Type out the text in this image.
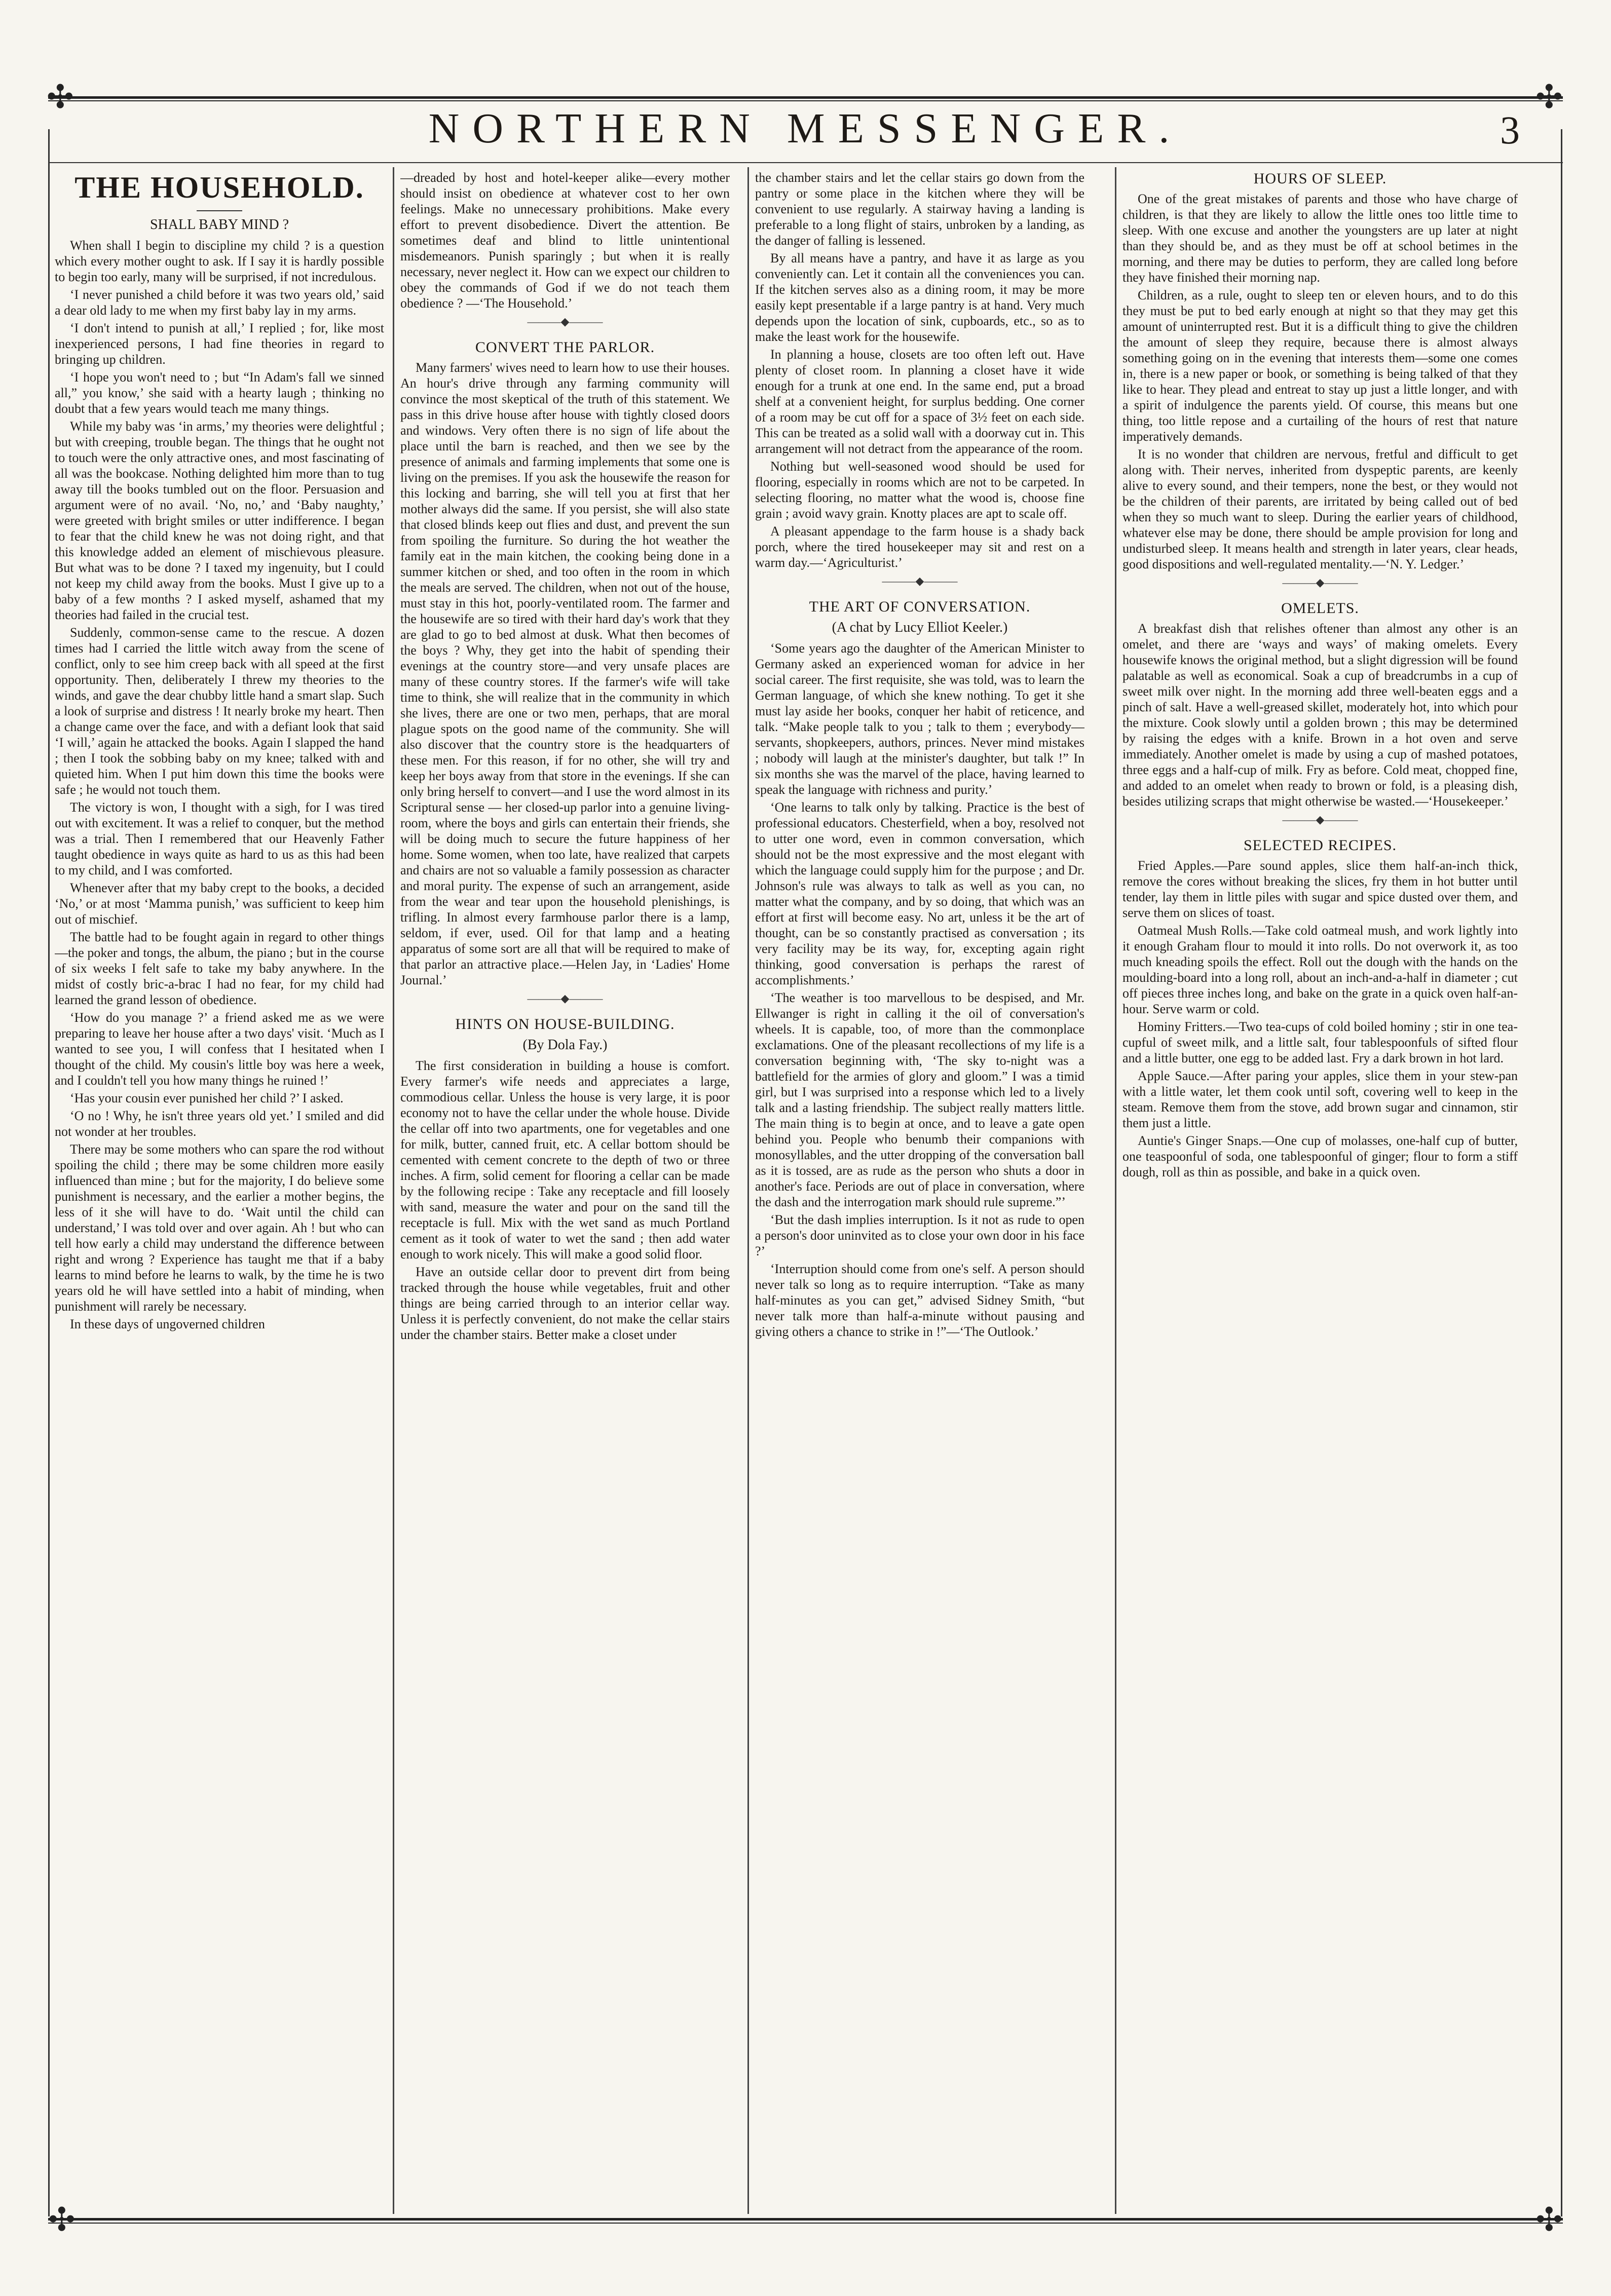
✣	✣
✣	✣
NORTHERN MESSENGER.	3
THE HOUSEHOLD.
SHALL BABY MIND ?

When shall I begin to discipline my child ? is a question which every mother ought to ask. If I say it is hardly possible to begin too early, many will be surprised, if not incredulous.

‘I never punished a child before it was two years old,’ said a dear old lady to me when my first baby lay in my arms.

‘I don't intend to punish at all,’ I replied ; for, like most inexperienced persons, I had fine theories in regard to bringing up children.

‘I hope you won't need to ; but “In Adam's fall we sinned all,” you know,’ she said with a hearty laugh ; thinking no doubt that a few years would teach me many things.

While my baby was ‘in arms,’ my theories were delightful ; but with creeping, trouble began. The things that he ought not to touch were the only attractive ones, and most fascinating of all was the bookcase. Nothing delighted him more than to tug away till the books tumbled out on the floor. Persuasion and argument were of no avail. ‘No, no,’ and ‘Baby naughty,’ were greeted with bright smiles or utter indifference. I began to fear that the child knew he was not doing right, and that this knowledge added an element of mischievous pleasure. But what was to be done ? I taxed my ingenuity, but I could not keep my child away from the books. Must I give up to a baby of a few months ? I asked myself, ashamed that my theories had failed in the crucial test.

Suddenly, common-sense came to the rescue. A dozen times had I carried the little witch away from the scene of conflict, only to see him creep back with all speed at the first opportunity. Then, deliberately I threw my theories to the winds, and gave the dear chubby little hand a smart slap. Such a look of surprise and distress ! It nearly broke my heart. Then a change came over the face, and with a defiant look that said ‘I will,’ again he attacked the books. Again I slapped the hand ; then I took the sobbing baby on my knee; talked with and quieted him. When I put him down this time the books were safe ; he would not touch them.

The victory is won, I thought with a sigh, for I was tired out with excitement. It was a relief to conquer, but the method was a trial. Then I remembered that our Heavenly Father taught obedience in ways quite as hard to us as this had been to my child, and I was comforted.

Whenever after that my baby crept to the books, a decided ‘No,’ or at most ‘Mamma punish,’ was sufficient to keep him out of mischief.

The battle had to be fought again in regard to other things—the poker and tongs, the album, the piano ; but in the course of six weeks I felt safe to take my baby anywhere. In the midst of costly bric-a-brac I had no fear, for my child had learned the grand lesson of obedience.

‘How do you manage ?’ a friend asked me as we were preparing to leave her house after a two days' visit. ‘Much as I wanted to see you, I will confess that I hesitated when I thought of the child. My cousin's little boy was here a week, and I couldn't tell you how many things he ruined !’

‘Has your cousin ever punished her child ?’ I asked.

‘O no ! Why, he isn't three years old yet.’ I smiled and did not wonder at her troubles.

There may be some mothers who can spare the rod without spoiling the child ; there may be some children more easily influenced than mine ; but for the majority, I do believe some punishment is necessary, and the earlier a mother begins, the less of it she will have to do. ‘Wait until the child can understand,’ I was told over and over again. Ah ! but who can tell how early a child may understand the difference between right and wrong ? Experience has taught me that if a baby learns to mind before he learns to walk, by the time he is two years old he will have settled into a habit of minding, when punishment will rarely be necessary.

In these days of ungoverned children

—dreaded by host and hotel-keeper alike—every mother should insist on obedience at whatever cost to her own feelings. Make no unnecessary prohibitions. Make every effort to prevent disobedience. Divert the attention. Be sometimes deaf and blind to little unintentional misdemeanors. Punish sparingly ; but when it is really necessary, never neglect it. How can we expect our children to obey the commands of God if we do not teach them obedience ? —‘The Household.’

———◆———
CONVERT THE PARLOR.

Many farmers' wives need to learn how to use their houses. An hour's drive through any farming community will convince the most skeptical of the truth of this statement. We pass in this drive house after house with tightly closed doors and windows. Very often there is no sign of life about the place until the barn is reached, and then we see by the presence of animals and farming implements that some one is living on the premises. If you ask the housewife the reason for this locking and barring, she will tell you at first that her mother always did the same. If you persist, she will also state that closed blinds keep out flies and dust, and prevent the sun from spoiling the furniture. So during the hot weather the family eat in the main kitchen, the cooking being done in a summer kitchen or shed, and too often in the room in which the meals are served. The children, when not out of the house, must stay in this hot, poorly-ventilated room. The farmer and the housewife are so tired with their hard day's work that they are glad to go to bed almost at dusk. What then becomes of the boys ? Why, they get into the habit of spending their evenings at the country store—and very unsafe places are many of these country stores. If the farmer's wife will take time to think, she will realize that in the community in which she lives, there are one or two men, perhaps, that are moral plague spots on the good name of the community. She will also discover that the country store is the headquarters of these men. For this reason, if for no other, she will try and keep her boys away from that store in the evenings. If she can only bring herself to convert—and I use the word almost in its Scriptural sense — her closed-up parlor into a genuine living-room, where the boys and girls can entertain their friends, she will be doing much to secure the future happiness of her home. Some women, when too late, have realized that carpets and chairs are not so valuable a family possession as character and moral purity. The expense of such an arrangement, aside from the wear and tear upon the household plenishings, is trifling. In almost every farmhouse parlor there is a lamp, seldom, if ever, used. Oil for that lamp and a heating apparatus of some sort are all that will be required to make of that parlor an attractive place.—Helen Jay, in ‘Ladies' Home Journal.’

———◆———
HINTS ON HOUSE-BUILDING.
(By Dola Fay.)

The first consideration in building a house is comfort. Every farmer's wife needs and appreciates a large, commodious cellar. Unless the house is very large, it is poor economy not to have the cellar under the whole house. Divide the cellar off into two apartments, one for vegetables and one for milk, butter, canned fruit, etc. A cellar bottom should be cemented with cement concrete to the depth of two or three inches. A firm, solid cement for flooring a cellar can be made by the following recipe : Take any receptacle and fill loosely with sand, measure the water and pour on the sand till the receptacle is full. Mix with the wet sand as much Portland cement as it took of water to wet the sand ; then add water enough to work nicely. This will make a good solid floor.

Have an outside cellar door to prevent dirt from being tracked through the house while vegetables, fruit and other things are being carried through to an interior cellar way. Unless it is perfectly convenient, do not make the cellar stairs under the chamber stairs. Better make a closet under

the chamber stairs and let the cellar stairs go down from the pantry or some place in the kitchen where they will be convenient to use regularly. A stairway having a landing is preferable to a long flight of stairs, unbroken by a landing, as the danger of falling is lessened.

By all means have a pantry, and have it as large as you conveniently can. Let it contain all the conveniences you can. If the kitchen serves also as a dining room, it may be more easily kept presentable if a large pantry is at hand. Very much depends upon the location of sink, cupboards, etc., so as to make the least work for the housewife.

In planning a house, closets are too often left out. Have plenty of closet room. In planning a closet have it wide enough for a trunk at one end. In the same end, put a broad shelf at a convenient height, for surplus bedding. One corner of a room may be cut off for a space of 3½ feet on each side. This can be treated as a solid wall with a doorway cut in. This arrangement will not detract from the appearance of the room.

Nothing but well-seasoned wood should be used for flooring, especially in rooms which are not to be carpeted. In selecting flooring, no matter what the wood is, choose fine grain ; avoid wavy grain. Knotty places are apt to scale off.

A pleasant appendage to the farm house is a shady back porch, where the tired housekeeper may sit and rest on a warm day.—‘Agriculturist.’

———◆———
THE ART OF CONVERSATION.
(A chat by Lucy Elliot Keeler.)

‘Some years ago the daughter of the American Minister to Germany asked an experienced woman for advice in her social career. The first requisite, she was told, was to learn the German language, of which she knew nothing. To get it she must lay aside her books, conquer her habit of reticence, and talk. “Make people talk to you ; talk to them ; everybody—servants, shopkeepers, authors, princes. Never mind mistakes ; nobody will laugh at the minister's daughter, but talk !” In six months she was the marvel of the place, having learned to speak the language with richness and purity.’

‘One learns to talk only by talking. Practice is the best of professional educators. Chesterfield, when a boy, resolved not to utter one word, even in common conversation, which should not be the most expressive and the most elegant with which the language could supply him for the purpose ; and Dr. Johnson's rule was always to talk as well as you can, no matter what the company, and by so doing, that which was an effort at first will become easy. No art, unless it be the art of thought, can be so constantly practised as conversation ; its very facility may be its way, for, excepting again right thinking, good conversation is perhaps the rarest of accomplishments.’

‘The weather is too marvellous to be despised, and Mr. Ellwanger is right in calling it the oil of conversation's wheels. It is capable, too, of more than the commonplace exclamations. One of the pleasant recollections of my life is a conversation beginning with, ‘The sky to-night was a battlefield for the armies of glory and gloom.” I was a timid girl, but I was surprised into a response which led to a lively talk and a lasting friendship. The subject really matters little. The main thing is to begin at once, and to leave a gate open behind you. People who benumb their companions with monosyllables, and the utter dropping of the conversation ball as it is tossed, are as rude as the person who shuts a door in another's face. Periods are out of place in conversation, where the dash and the interrogation mark should rule supreme.”’

‘But the dash implies interruption. Is it not as rude to open a person's door uninvited as to close your own door in his face ?’

‘Interruption should come from one's self. A person should never talk so long as to require interruption. “Take as many half-minutes as you can get,” advised Sidney Smith, “but never talk more than half-a-minute without pausing and giving others a chance to strike in !”—‘The Outlook.’

HOURS OF SLEEP.

One of the great mistakes of parents and those who have charge of children, is that they are likely to allow the little ones too little time to sleep. With one excuse and another the youngsters are up later at night than they should be, and as they must be off at school betimes in the morning, and there may be duties to perform, they are called long before they have finished their morning nap.

Children, as a rule, ought to sleep ten or eleven hours, and to do this they must be put to bed early enough at night so that they may get this amount of uninterrupted rest. But it is a difficult thing to give the children the amount of sleep they require, because there is almost always something going on in the evening that interests them—some one comes in, there is a new paper or book, or something is being talked of that they like to hear. They plead and entreat to stay up just a little longer, and with a spirit of indulgence the parents yield. Of course, this means but one thing, too little repose and a curtailing of the hours of rest that nature imperatively demands.

It is no wonder that children are nervous, fretful and difficult to get along with. Their nerves, inherited from dyspeptic parents, are keenly alive to every sound, and their tempers, none the best, or they would not be the children of their parents, are irritated by being called out of bed when they so much want to sleep. During the earlier years of childhood, whatever else may be done, there should be ample provision for long and undisturbed sleep. It means health and strength in later years, clear heads, good dispositions and well-regulated mentality.—‘N. Y. Ledger.’

———◆———
OMELETS.

A breakfast dish that relishes oftener than almost any other is an omelet, and there are ‘ways and ways’ of making omelets. Every housewife knows the original method, but a slight digression will be found palatable as well as economical. Soak a cup of breadcrumbs in a cup of sweet milk over night. In the morning add three well-beaten eggs and a pinch of salt. Have a well-greased skillet, moderately hot, into which pour the mixture. Cook slowly until a golden brown ; this may be determined by raising the edges with a knife. Brown in a hot oven and serve immediately. Another omelet is made by using a cup of mashed potatoes, three eggs and a half-cup of milk. Fry as before. Cold meat, chopped fine, and added to an omelet when ready to brown or fold, is a pleasing dish, besides utilizing scraps that might otherwise be wasted.—‘Housekeeper.’

———◆———
SELECTED RECIPES.

Fried Apples.—Pare sound apples, slice them half-an-inch thick, remove the cores without breaking the slices, fry them in hot butter until tender, lay them in little piles with sugar and spice dusted over them, and serve them on slices of toast.

Oatmeal Mush Rolls.—Take cold oatmeal mush, and work lightly into it enough Graham flour to mould it into rolls. Do not overwork it, as too much kneading spoils the effect. Roll out the dough with the hands on the moulding-board into a long roll, about an inch-and-a-half in diameter ; cut off pieces three inches long, and bake on the grate in a quick oven half-an-hour. Serve warm or cold.

Hominy Fritters.—Two tea-cups of cold boiled hominy ; stir in one tea-cupful of sweet milk, and a little salt, four tablespoonfuls of sifted flour and a little butter, one egg to be added last. Fry a dark brown in hot lard.

Apple Sauce.—After paring your apples, slice them in your stew-pan with a little water, let them cook until soft, covering well to keep in the steam. Remove them from the stove, add brown sugar and cinnamon, stir them just a little.

Auntie's Ginger Snaps.—One cup of molasses, one-half cup of butter, one teaspoonful of soda, one tablespoonful of ginger; flour to form a stiff dough, roll as thin as possible, and bake in a quick oven.
